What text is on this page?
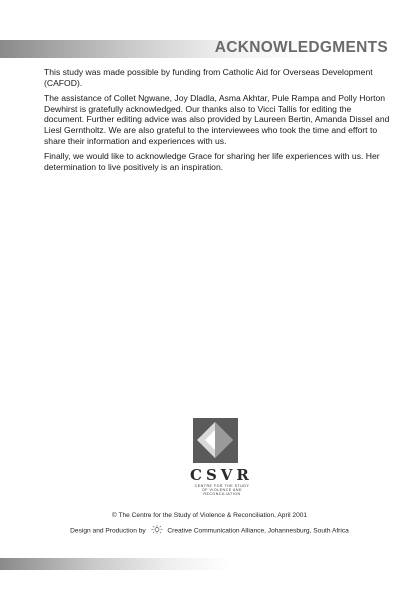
ACKNOWLEDGMENTS

This study was made possible by funding from Catholic Aid for Overseas Development (CAFOD).

The assistance of Collet Ngwane, Joy Dladla, Asma Akhtar, Pule Rampa and Polly Horton Dewhirst is gratefully acknowledged. Our thanks also to Vicci Tallis for editing the document. Further editing advice was also provided by Laureen Bertin, Amanda Dissel and Liesl Gerntholtz. We are also grateful to the interviewees who took the time and effort to share their information and experiences with us.

Finally, we would like to acknowledge Grace for sharing her life experiences with us. Her determination to live positively is an inspiration.

CSVR
CENTRE FOR THE STUDY OF VIOLENCE AND RECONCILIATION
© The Centre for the Study of Violence & Reconciliation, April 2001
Design and Production by	Creative Communication Alliance, Johannesburg, South Africa
